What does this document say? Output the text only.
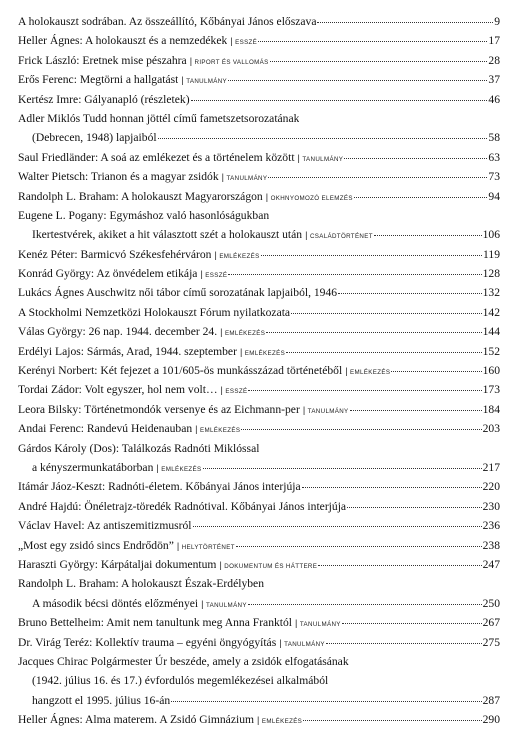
A holokauszt sodrában. Az összeállító, Kőbányai János előszava	9
Heller Ágnes: A holokauszt és a nemzedékek	| ESSZÉ	17
Frick László: Eretnek mise pészahra	| RIPORT ÉS VALLOMÁS	28
Erős Ferenc: Megtörni a hallgatást	| TANULMÁNY	37
Kertész Imre: Gályanapló (részletek)	46
Adler Miklós Tudd honnan jöttél című fametszetsorozatának
(Debrecen, 1948) lapjaiból	58
Saul Friedländer: A soá az emlékezet és a történelem között	| TANULMÁNY	63
Walter Pietsch: Trianon és a magyar zsidók	| TANULMÁNY	73
Randolph L. Braham: A holokauszt Magyarországon	| OKHNYOMOZÓ ELEMZÉS	94
Eugene L. Pogany: Egymáshoz való hasonlóságukban
Ikertestvérek, akiket a hit választott szét a holokauszt után	| CSALÁDTÖRTÉNET	106
Kenéz Péter: Barmicvó Székesfehérváron	| EMLÉKEZÉS	119
Konrád György: Az önvédelem etikája	| ESSZÉ	128
Lukács Ágnes Auschwitz női tábor című sorozatának lapjaiból, 1946	132
A Stockholmi Nemzetközi Holokauszt Fórum nyilatkozata	142
Válas György: 26 nap. 1944. december 24.	| EMLÉKEZÉS	144
Erdélyi Lajos: Sármás, Arad, 1944. szeptember	| EMLÉKEZÉS	152
Kerényi Norbert: Két fejezet a 101/605-ös munkásszázad történetéből	| EMLÉKEZÉS	160
Tordai Zádor: Volt egyszer, hol nem volt…	| ESSZÉ	173
Leora Bilsky: Történetmondók versenye és az Eichmann-per	| TANULMÁNY	184
Andai Ferenc: Randevú Heidenauban	| EMLÉKEZÉS	203
Gárdos Károly (Dos): Találkozás Radnóti Miklóssal
a kényszermunkatáborban	| EMLÉKEZÉS	217
Itámár Jáoz-Keszt: Radnóti-életem. Kőbányai János interjúja	220
André Hajdú: Önéletrajz-töredék Radnótival. Kőbányai János interjúja	230
Václav Havel: Az antiszemitizmusról	236
„Most egy zsidó sincs Endrődön”	| HELYTÖRTÉNET	238
Haraszti György: Kárpátaljai dokumentum	| DOKUMENTUM ÉS HÁTTERE	247
Randolph L. Braham: A holokauszt Észak-Erdélyben
A második bécsi döntés előzményei	| TANULMÁNY	250
Bruno Bettelheim: Amit nem tanultunk meg Anna Franktól	| TANULMÁNY	267
Dr. Virág Teréz: Kollektív trauma – egyéni öngyógyítás	| TANULMÁNY	275
Jacques Chirac Polgármester Úr beszéde, amely a zsidók elfogatásának
(1942. július 16. és 17.) évfordulós megemlékezései alkalmából
hangzott el 1995. július 16-án	287
Heller Ágnes: Alma materem. A Zsidó Gimnázium	| EMLÉKEZÉS	290
